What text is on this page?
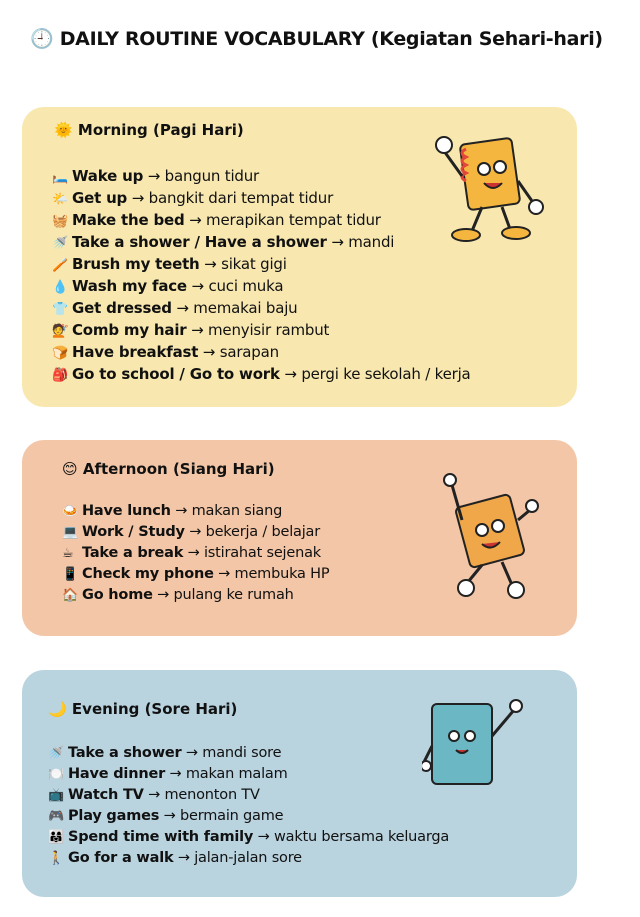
🕘 DAILY ROUTINE VOCABULARY (Kegiatan Sehari-hari)
🌞 Morning (Pagi Hari)
🛏️ Wake up → bangun tidur
🌤️ Get up → bangkit dari tempat tidur
🧺 Make the bed → merapikan tempat tidur
🚿 Take a shower / Have a shower → mandi
🪥 Brush my teeth → sikat gigi
💧 Wash my face → cuci muka
👕 Get dressed → memakai baju
💇 Comb my hair → menyisir rambut
🍞 Have breakfast → sarapan
🎒 Go to school / Go to work → pergi ke sekolah / kerja
😊 Afternoon (Siang Hari)
🍛 Have lunch → makan siang
💻 Work / Study → bekerja / belajar
☕ Take a break → istirahat sejenak
📱 Check my phone → membuka HP
🏠 Go home → pulang ke rumah
🌙 Evening (Sore Hari)
🚿 Take a shower → mandi sore
🍽️ Have dinner → makan malam
📺 Watch TV → menonton TV
🎮 Play games → bermain game
👨‍👩‍👧 Spend time with family → waktu bersama keluarga
🚶 Go for a walk → jalan-jalan sore
